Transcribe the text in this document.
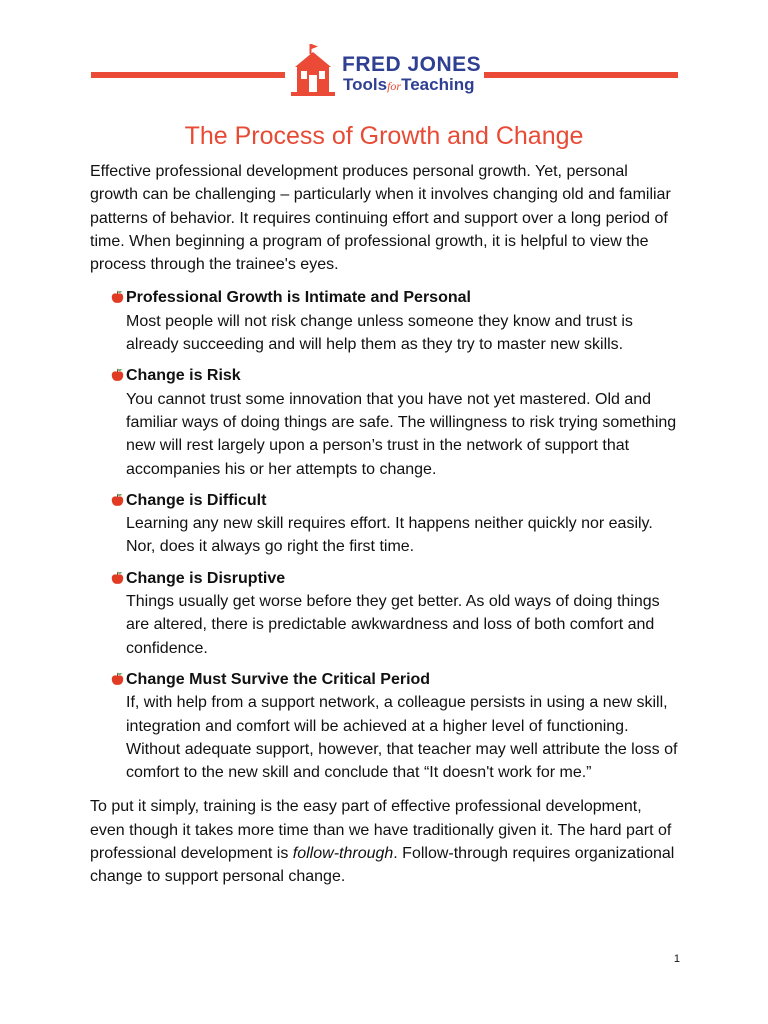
FRED JONES
ToolsforTeaching
The Process of Growth and Change

Effective professional development produces personal growth. Yet, personal growth can be challenging – particularly when it involves changing old and familiar patterns of behavior. It requires continuing effort and support over a long period of time. When beginning a program of professional growth, it is helpful to view the process through the trainee's eyes.

Professional Growth is Intimate and Personal
Most people will not risk change unless someone they know and trust is already succeeding and will help them as they try to master new skills.
Change is Risk
You cannot trust some innovation that you have not yet mastered. Old and familiar ways of doing things are safe. The willingness to risk trying something new will rest largely upon a person’s trust in the network of support that accompanies his or her attempts to change.
Change is Difficult
Learning any new skill requires effort. It happens neither quickly nor easily. Nor, does it always go right the first time.
Change is Disruptive
Things usually get worse before they get better. As old ways of doing things are altered, there is predictable awkwardness and loss of both comfort and confidence.
Change Must Survive the Critical Period
If, with help from a support network, a colleague persists in using a new skill, integration and comfort will be achieved at a higher level of functioning. Without adequate support, however, that teacher may well attribute the loss of comfort to the new skill and conclude that “It doesn't work for me.”

To put it simply, training is the easy part of effective professional development, even though it takes more time than we have traditionally given it. The hard part of professional development is follow-through. Follow-through requires organizational change to support personal change.

1
